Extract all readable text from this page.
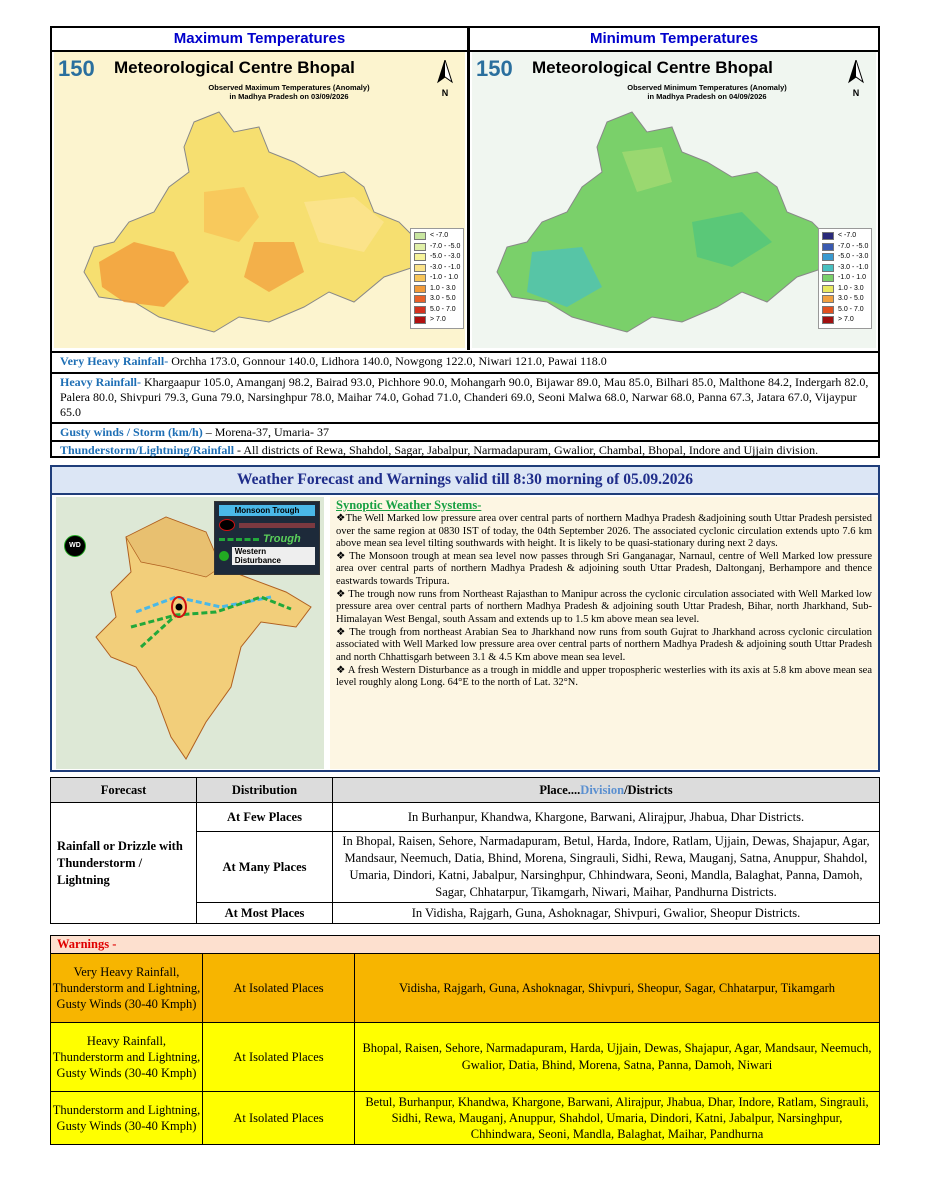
Maximum Temperatures
150 Meteorological Centre Bhopal
Observed Maximum Temperatures (Anomaly)
in Madhya Pradesh on 03/09/2026	N
< -7.0
-7.0 - -5.0
-5.0 - -3.0
-3.0 - -1.0
-1.0 - 1.0
1.0 - 3.0
3.0 - 5.0
5.0 - 7.0
> 7.0
Minimum Temperatures
150 Meteorological Centre Bhopal
Observed Minimum Temperatures (Anomaly)
in Madhya Pradesh on 04/09/2026	N
< -7.0
-7.0 - -5.0
-5.0 - -3.0
-3.0 - -1.0
-1.0 - 1.0
1.0 - 3.0
3.0 - 5.0
5.0 - 7.0
> 7.0
Very Heavy Rainfall- Orchha 173.0, Gonnour 140.0, Lidhora 140.0, Nowgong 122.0, Niwari 121.0, Pawai 118.0
Heavy Rainfall- Khargaapur 105.0, Amanganj 98.2, Bairad 93.0, Pichhore 90.0, Mohangarh 90.0, Bijawar 89.0, Mau 85.0, Bilhari 85.0, Malthone 84.2, Indergarh 82.0, Palera 80.0, Shivpuri 79.3, Guna 79.0, Narsinghpur 78.0, Maihar 74.0, Gohad 71.0, Chanderi 69.0, Seoni Malwa 68.0, Narwar 68.0, Panna 67.3, Jatara 67.0, Vijaypur 65.0
Gusty winds / Storm (km/h) – Morena-37, Umaria- 37
Thunderstorm/Lightning/Rainfall - All districts of Rewa, Shahdol, Sagar, Jabalpur, Narmadapuram, Gwalior, Chambal, Bhopal, Indore and Ujjain division.
Weather Forecast and Warnings valid till 8:30 morning of 05.09.2026
WD
Monsoon Trough
Trough
Western Disturbance
Synoptic Weather Systems-

❖The Well Marked low pressure area over central parts of northern Madhya Pradesh &adjoining south Uttar Pradesh persisted over the same region at 0830 IST of today, the 04th September 2026. The associated cyclonic circulation extends upto 7.6 km above mean sea level tilting southwards with height. It is likely to be quasi-stationary during next 2 days.

❖ The Monsoon trough at mean sea level now passes through Sri Ganganagar, Narnaul, centre of Well Marked low pressure area over central parts of northern Madhya Pradesh & adjoining south Uttar Pradesh, Daltonganj, Berhampore and thence eastwards towards Tripura.

❖ The trough now runs from Northeast Rajasthan to Manipur across the cyclonic circulation associated with Well Marked low pressure area over central parts of northern Madhya Pradesh & adjoining south Uttar Pradesh, Bihar, north Jharkhand, Sub-Himalayan West Bengal, south Assam and extends up to 1.5 km above mean sea level.

❖ The trough from northeast Arabian Sea to Jharkhand now runs from south Gujrat to Jharkhand across cyclonic circulation associated with Well Marked low pressure area over central parts of northern Madhya Pradesh & adjoining south Uttar Pradesh and north Chhattisgarh between 3.1 & 4.5 Km above mean sea level.

❖ A fresh Western Disturbance as a trough in middle and upper tropospheric westerlies with its axis at 5.8 km above mean sea level roughly along Long. 64°E to the north of Lat. 32°N.

Forecast	Distribution	Place....Division/Districts
Rainfall or Drizzle with Thunderstorm / Lightning	At Few Places	In Burhanpur, Khandwa, Khargone, Barwani, Alirajpur, Jhabua, Dhar Districts.
	At Many Places	In Bhopal, Raisen, Sehore, Narmadapuram, Betul, Harda, Indore, Ratlam, Ujjain, Dewas, Shajapur, Agar, Mandsaur, Neemuch, Datia, Bhind, Morena, Singrauli, Sidhi, Rewa, Mauganj, Satna, Anuppur, Shahdol, Umaria, Dindori, Katni, Jabalpur, Narsinghpur, Chhindwara, Seoni, Mandla, Balaghat, Panna, Damoh, Sagar, Chhatarpur, Tikamgarh, Niwari, Maihar, Pandhurna Districts.
	At Most Places	In Vidisha, Rajgarh, Guna, Ashoknagar, Shivpuri, Gwalior, Sheopur Districts.
Warnings -		
Very Heavy Rainfall, Thunderstorm and Lightning, Gusty Winds (30-40 Kmph)	At Isolated Places	Vidisha, Rajgarh, Guna, Ashoknagar, Shivpuri, Sheopur, Sagar, Chhatarpur, Tikamgarh
Heavy Rainfall, Thunderstorm and Lightning, Gusty Winds (30-40 Kmph)	At Isolated Places	Bhopal, Raisen, Sehore, Narmadapuram, Harda, Ujjain, Dewas, Shajapur, Agar, Mandsaur, Neemuch, Gwalior, Datia, Bhind, Morena, Satna, Panna, Damoh, Niwari
Thunderstorm and Lightning, Gusty Winds (30-40 Kmph)	At Isolated Places	Betul, Burhanpur, Khandwa, Khargone, Barwani, Alirajpur, Jhabua, Dhar, Indore, Ratlam, Singrauli, Sidhi, Rewa, Mauganj, Anuppur, Shahdol, Umaria, Dindori, Katni, Jabalpur, Narsinghpur, Chhindwara, Seoni, Mandla, Balaghat, Maihar, Pandhurna
